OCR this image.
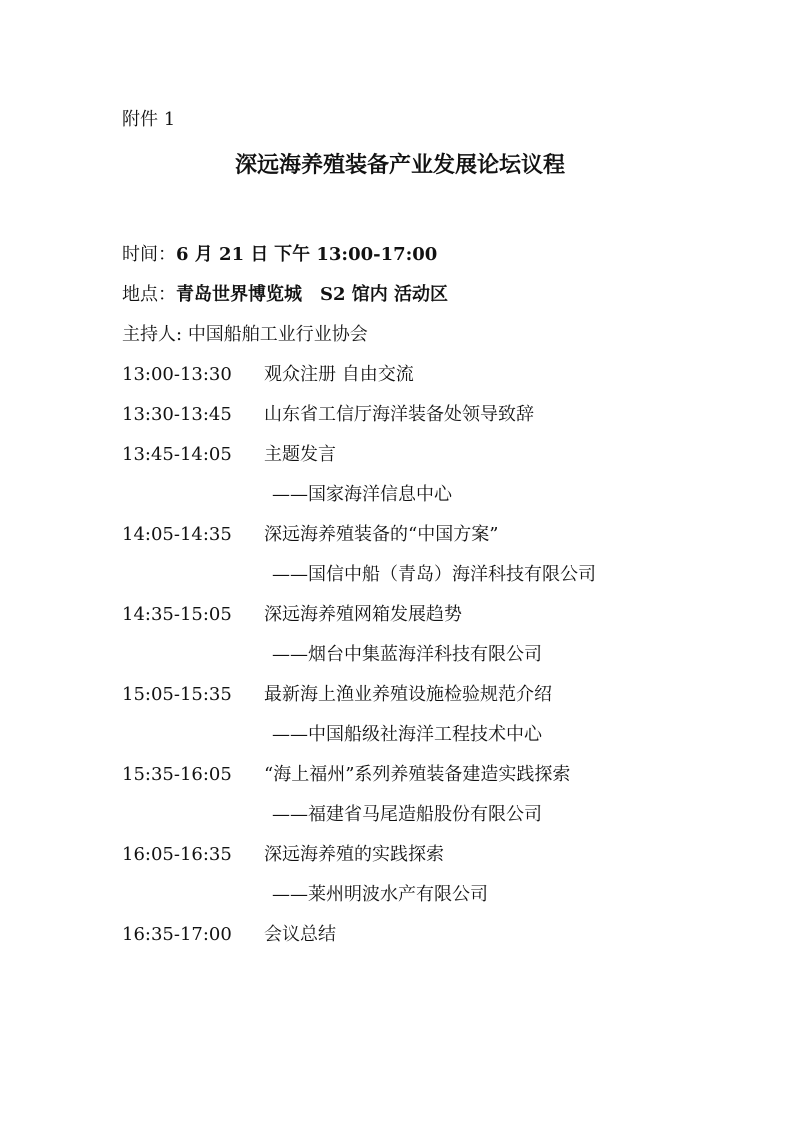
附件 1
深远海养殖装备产业发展论坛议程
时间：6 月 21 日 下午 13:00-17:00
地点：青岛世界博览城　S2 馆内 活动区
主持人: 中国船舶工业行业协会
13:00-13:30 观众注册 自由交流
13:30-13:45 山东省工信厅海洋装备处领导致辞
13:45-14:05 主题发言
——国家海洋信息中心
14:05-14:35 深远海养殖装备的“中国方案”
——国信中船（青岛）海洋科技有限公司
14:35-15:05 深远海养殖网箱发展趋势
——烟台中集蓝海洋科技有限公司
15:05-15:35 最新海上渔业养殖设施检验规范介绍
——中国船级社海洋工程技术中心
15:35-16:05 “海上福州”系列养殖装备建造实践探索
——福建省马尾造船股份有限公司
16:05-16:35 深远海养殖的实践探索
——莱州明波水产有限公司
16:35-17:00 会议总结
